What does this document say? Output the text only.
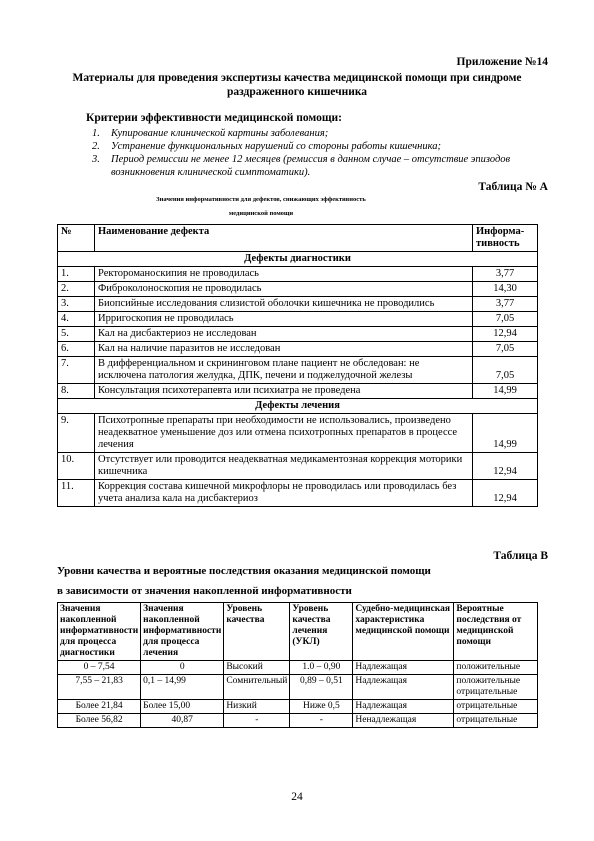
Приложение №14
Материалы для проведения экспертизы качества медицинской помощи при синдроме раздраженного кишечника
Критерии эффективности медицинской помощи:
1.	Купирование клинической картины заболевания;
2.	Устранение функциональных нарушений со стороны работы кишечника;
3.	Период ремиссии не менее 12 месяцев (ремиссия в данном случае – отсутствие эпизодов возникновения клинической симптоматики).
Таблица № А
Значения информативности для дефектов, снижающих эффективность
медицинской помощи
№	Наименование дефекта	Информа-тивность
Дефекты диагностики		
1.	Ректороманоскипия не проводилась	3,77
2.	Фиброколоноскопия не проводилась	14,30
3.	Биопсийные исследования слизистой оболочки кишечника не проводились	3,77
4.	Ирригоскопия не проводилась	7,05
5.	Кал на дисбактериоз не исследован	12,94
6.	Кал на наличие паразитов не исследован	7,05
7.	В дифференциальном и скрининговом плане пациент не обследован: не исключена патология желудка, ДПК, печени и поджелудочной железы	7,05
8.	Консультация психотерапевта или психиатра не проведена	14,99
Дефекты лечения		
9.	Психотропные препараты при необходимости не использовались, произведено неадекватное уменьшение доз или отмена психотропных препаратов в процессе лечения	14,99
10.	Отсутствует или проводится неадекватная медикаментозная коррекция моторики кишечника	12,94
11.	Коррекция состава кишечной микрофлоры не проводилась или проводилась без учета анализа кала на дисбактериоз	12,94
Таблица В
Уровни качества и вероятные последствия оказания медицинской помощи
в зависимости от значения накопленной информативности
Значения накопленной информативности для процесса диагностики	Значения накопленной информативности для процесса лечения	Уровень качества	Уровень качества лечения (УКЛ)	Судебно-медицинская характеристика медицинской помощи	Вероятные последствия от медицинской помощи
0 – 7,54	0	Высокий	1.0 – 0,90	Надлежащая	положительные
7,55 – 21,83	0,1 – 14,99	Сомнительный	0,89 – 0,51	Надлежащая	положительные отрицательные
Более 21,84	Более 15,00	Низкий	Ниже 0,5	Надлежащая	отрицательные
Более 56,82	40,87	-	-	Ненадлежащая	отрицательные
24
